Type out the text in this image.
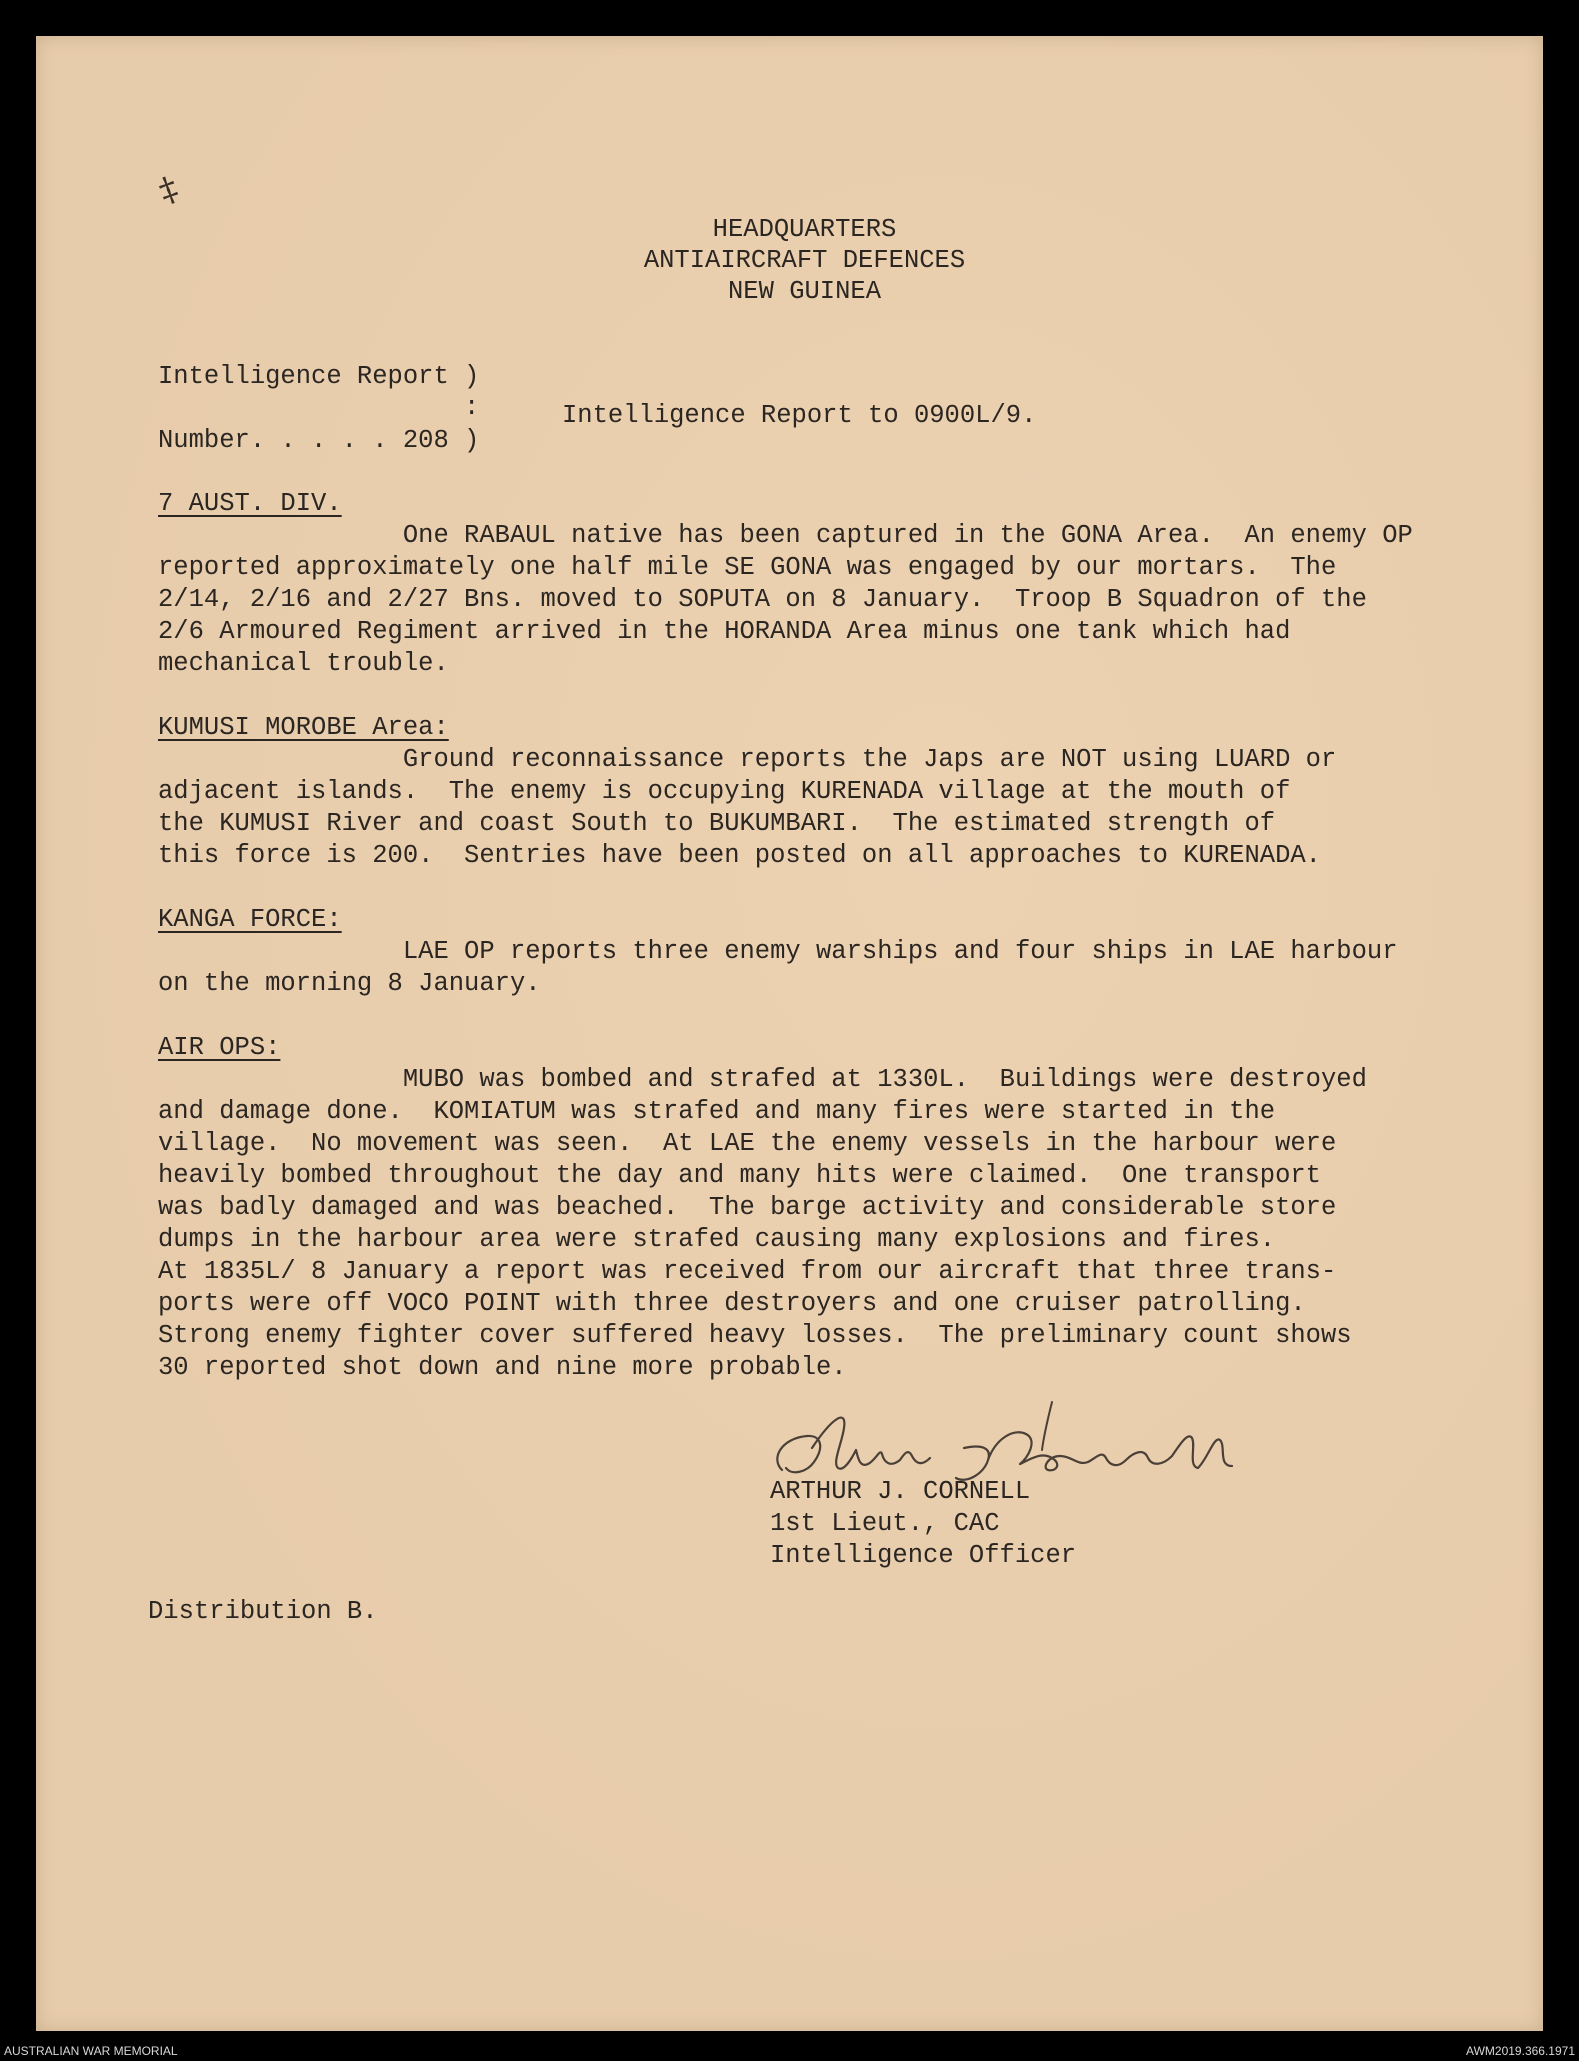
‡
HEADQUARTERS
ANTIAIRCRAFT DEFENCES
NEW GUINEA
Intelligence Report )
:	Intelligence Report to 0900L/9.
Number. . . . . 208 )
7 AUST. DIV.
One RABAUL native has been captured in the GONA Area.  An enemy OP
reported approximately one half mile SE GONA was engaged by our mortars.  The
2/14, 2/16 and 2/27 Bns. moved to SOPUTA on 8 January.  Troop B Squadron of the
2/6 Armoured Regiment arrived in the HORANDA Area minus one tank which had
mechanical trouble.
KUMUSI MOROBE Area:
Ground reconnaissance reports the Japs are NOT using LUARD or
adjacent islands.  The enemy is occupying KURENADA village at the mouth of
the KUMUSI River and coast South to BUKUMBARI.  The estimated strength of
this force is 200.  Sentries have been posted on all approaches to KURENADA.
KANGA FORCE:
LAE OP reports three enemy warships and four ships in LAE harbour
on the morning 8 January.
AIR OPS:
MUBO was bombed and strafed at 1330L.  Buildings were destroyed
and damage done.  KOMIATUM was strafed and many fires were started in the
village.  No movement was seen.  At LAE the enemy vessels in the harbour were
heavily bombed throughout the day and many hits were claimed.  One transport
was badly damaged and was beached.  The barge activity and considerable store
dumps in the harbour area were strafed causing many explosions and fires.
At 1835L/ 8 January a report was received from our aircraft that three trans-
ports were off VOCO POINT with three destroyers and one cruiser patrolling.
Strong enemy fighter cover suffered heavy losses.  The preliminary count shows
30 reported shot down and nine more probable.
ARTHUR J. CORNELL
1st Lieut., CAC
Intelligence Officer
Distribution B.
AUSTRALIAN WAR MEMORIAL	AWM2019.366.1971
